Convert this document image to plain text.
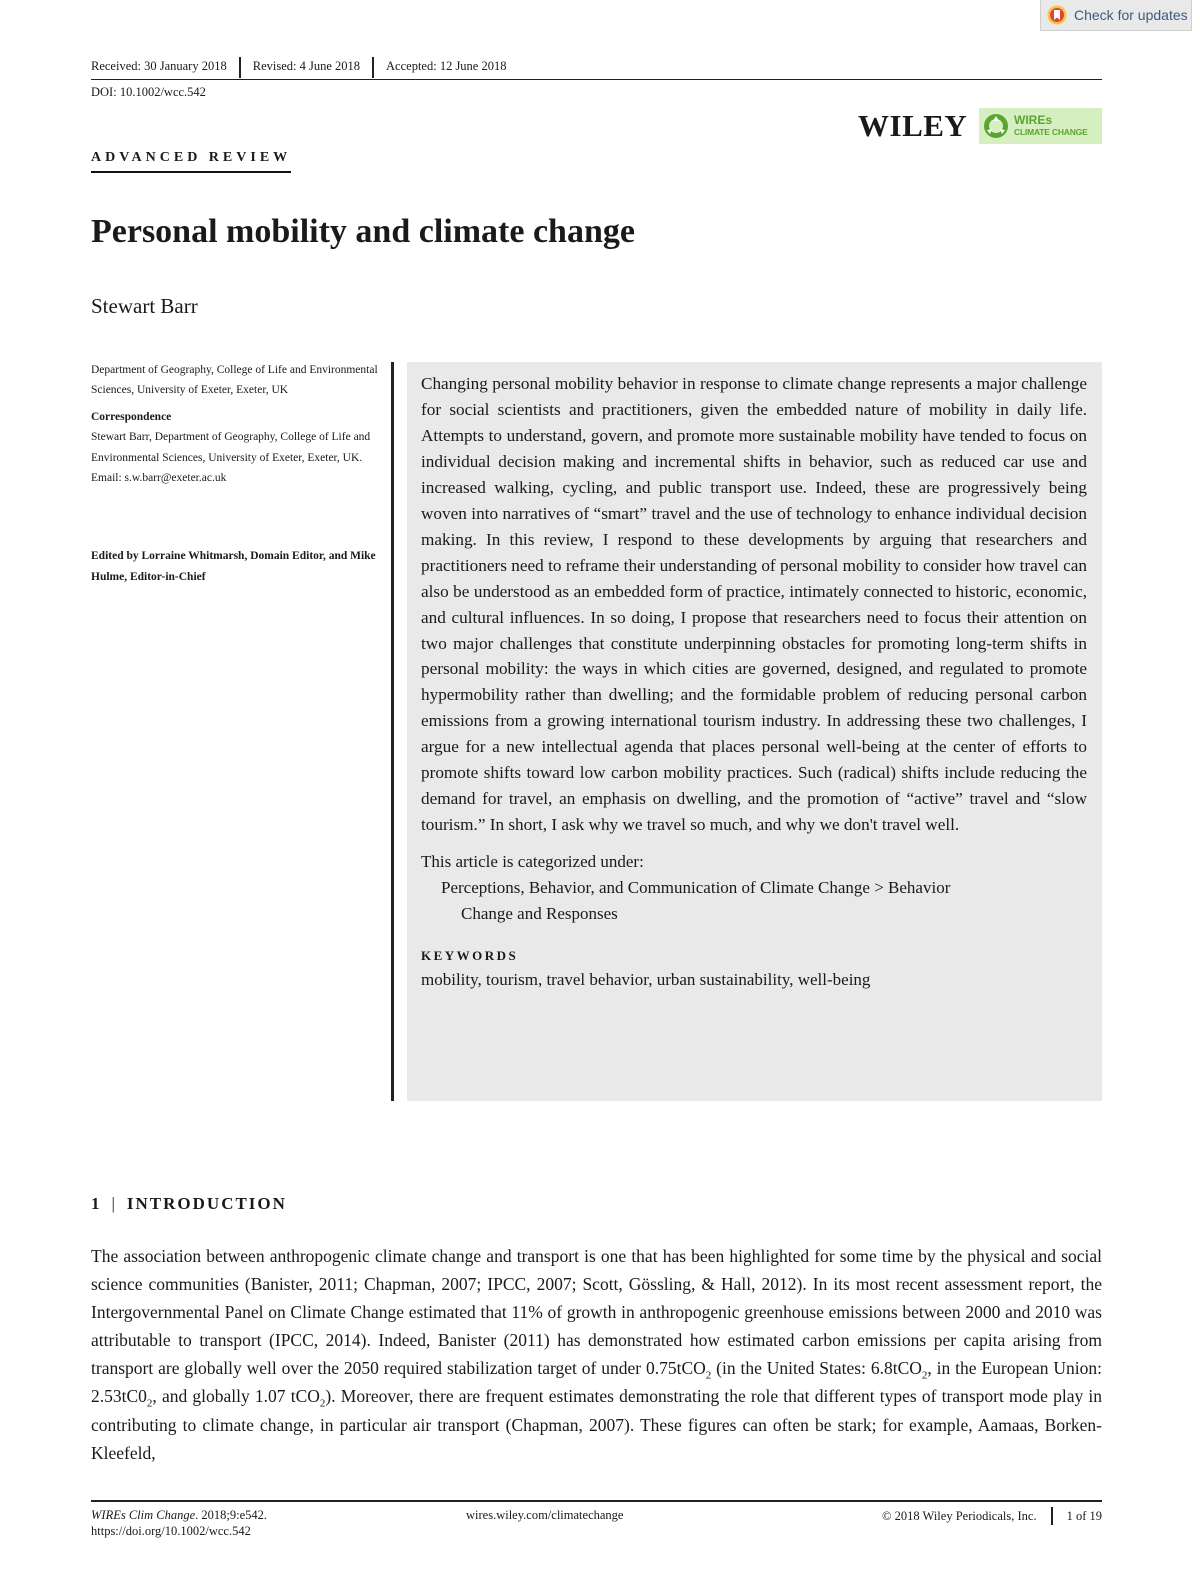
Check for updates
Received: 30 January 2018 Revised: 4 June 2018 Accepted: 12 June 2018
DOI: 10.1002/wcc.542
WILEY	WIREs
CLIMATE CHANGE
ADVANCED REVIEW
Personal mobility and climate change
Stewart Barr

Department of Geography, College of Life and Environmental Sciences, University of Exeter, Exeter, UK

Correspondence

Stewart Barr, Department of Geography, College of Life and Environmental Sciences, University of Exeter, Exeter, UK.

Email: s.w.barr@exeter.ac.uk

Edited by Lorraine Whitmarsh, Domain Editor, and Mike Hulme, Editor-in-Chief

Changing personal mobility behavior in response to climate change represents a major challenge for social scientists and practitioners, given the embedded nature of mobility in daily life. Attempts to understand, govern, and promote more sustainable mobility have tended to focus on individual decision making and incremental shifts in behavior, such as reduced car use and increased walking, cycling, and public transport use. Indeed, these are progressively being woven into narratives of “smart” travel and the use of technology to enhance individual decision making. In this review, I respond to these developments by arguing that researchers and practitioners need to reframe their understanding of personal mobility to consider how travel can also be understood as an embedded form of practice, intimately connected to historic, economic, and cultural influences. In so doing, I propose that researchers need to focus their attention on two major challenges that constitute underpinning obstacles for promoting long-term shifts in personal mobility: the ways in which cities are governed, designed, and regulated to promote hypermobility rather than dwelling; and the formidable problem of reducing personal carbon emissions from a growing international tourism industry. In addressing these two challenges, I argue for a new intellectual agenda that places personal well-being at the center of efforts to promote shifts toward low carbon mobility practices. Such (radical) shifts include reducing the demand for travel, an emphasis on dwelling, and the promotion of “active” travel and “slow tourism.” In short, I ask why we travel so much, and why we don't travel well.

This article is categorized under:
Perceptions, Behavior, and Communication of Climate Change > Behavior
Change and Responses
KEYWORDS
mobility, tourism, travel behavior, urban sustainability, well-being
1 | INTRODUCTION

The association between anthropogenic climate change and transport is one that has been highlighted for some time by the physical and social science communities (Banister, 2011; Chapman, 2007; IPCC, 2007; Scott, Gössling, & Hall, 2012). In its most recent assessment report, the Intergovernmental Panel on Climate Change estimated that 11% of growth in anthropogenic greenhouse emissions between 2000 and 2010 was attributable to transport (IPCC, 2014). Indeed, Banister (2011) has demonstrated how estimated carbon emissions per capita arising from transport are globally well over the 2050 required stabilization target of under 0.75tCO$_2$ (in the United States: 6.8tCO$_2$, in the European Union: $2.53tC0_2$, and globally 1.07 tCO$_2$). Moreover, there are frequent estimates demonstrating the role that different types of transport mode play in contributing to climate change, in particular air transport (Chapman, 2007). These figures can often be stark; for example, Aamaas, Borken-Kleefeld,

WIREs Clim Change. 2018;9:e542.
https://doi.org/10.1002/wcc.542
wires.wiley.com/climatechange	© 2018 Wiley Periodicals, Inc. 1 of 19
